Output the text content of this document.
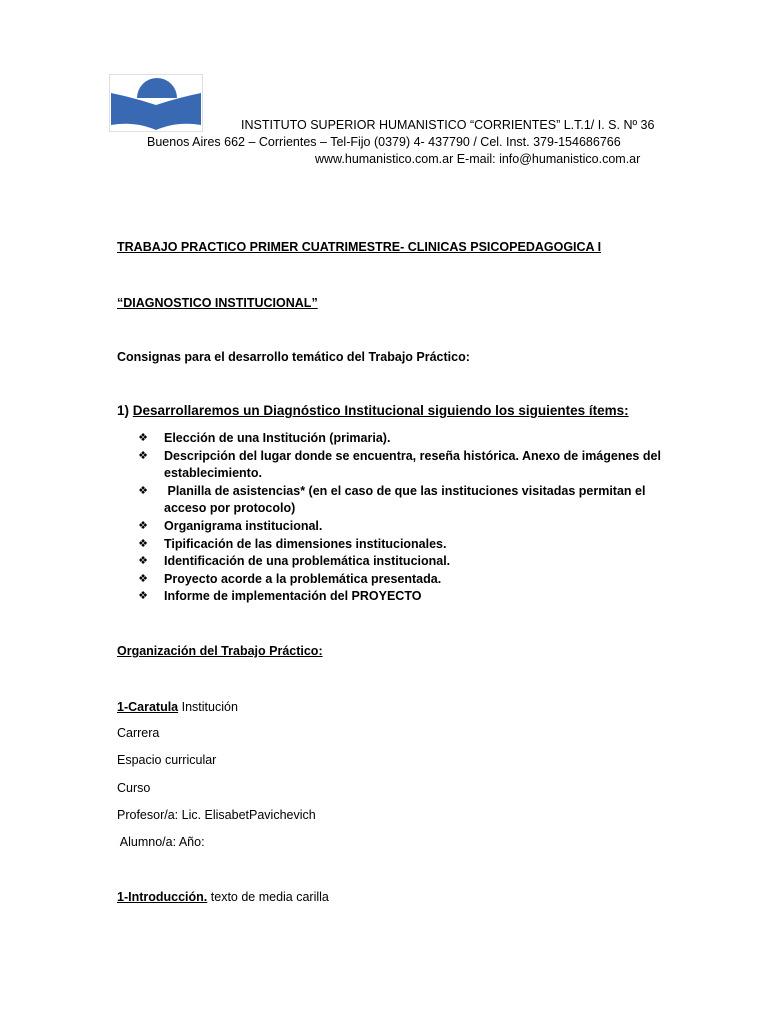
INSTITUTO SUPERIOR HUMANISTICO “CORRIENTES” L.T.1/ I. S. Nº 36
Buenos Aires 662 – Corrientes – Tel-Fijo (0379) 4- 437790 / Cel. Inst. 379-154686766
www.humanistico.com.ar E-mail: info@humanistico.com.ar
TRABAJO PRACTICO PRIMER CUATRIMESTRE- CLINICAS PSICOPEDAGOGICA I
“DIAGNOSTICO INSTITUCIONAL”
Consignas para el desarrollo temático del Trabajo Práctico:
1) Desarrollaremos un Diagnóstico Institucional siguiendo los siguientes ítems:
❖ Elección de una Institución (primaria).
❖ Descripción del lugar donde se encuentra, reseña histórica. Anexo de imágenes del establecimiento.
❖ Planilla de asistencias* (en el caso de que las instituciones visitadas permitan el acceso por protocolo)
❖ Organigrama institucional.
❖ Tipificación de las dimensiones institucionales.
❖ Identificación de una problemática institucional.
❖ Proyecto acorde a la problemática presentada.
❖ Informe de implementación del PROYECTO
Organización del Trabajo Práctico:
1-Caratula Institución
Carrera
Espacio curricular
Curso
Profesor/a: Lic. ElisabetPavichevich
Alumno/a: Año:
1-Introducción. texto de media carilla
